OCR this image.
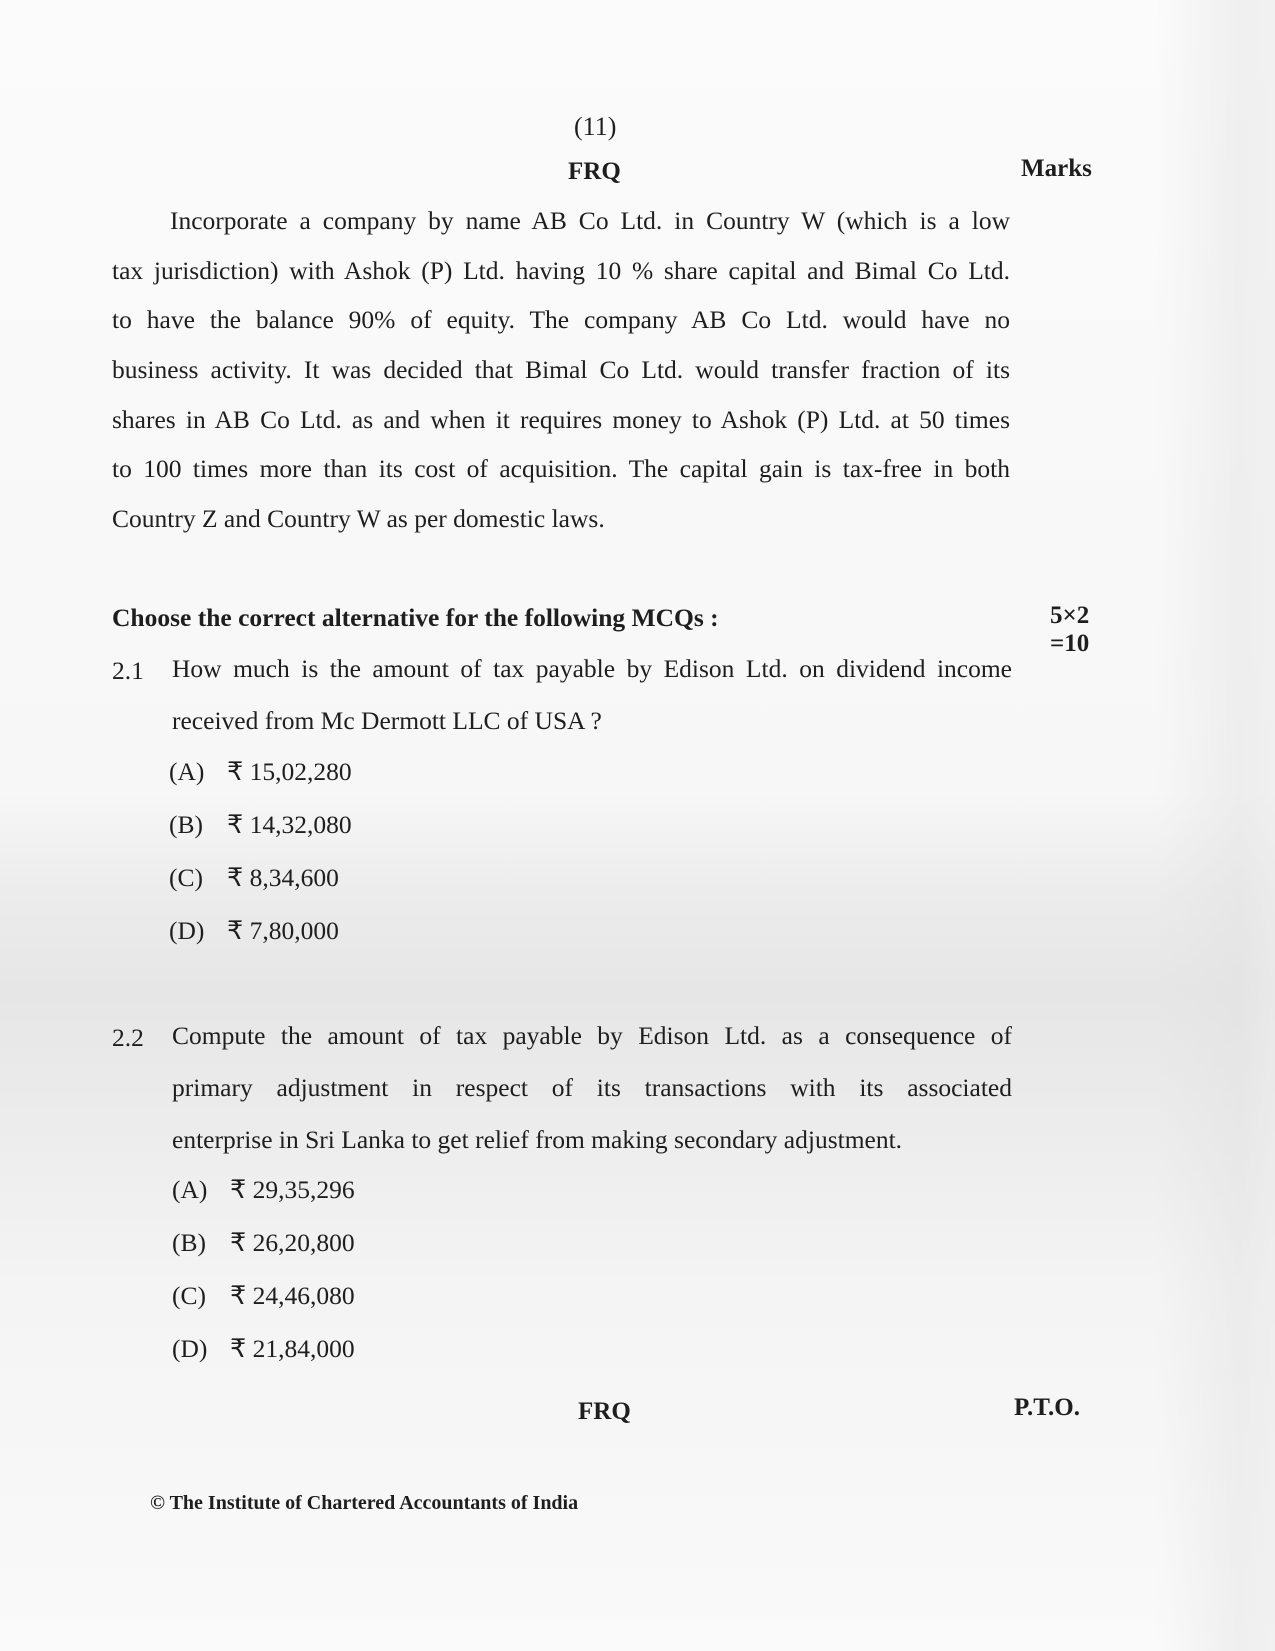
(11)
FRQ	Marks
Incorporate a company by name AB Co Ltd. in Country W (which is a low
tax jurisdiction) with Ashok (P) Ltd. having 10 % share capital and Bimal Co Ltd.
to have the balance 90% of equity. The company AB Co Ltd. would have no
business activity. It was decided that Bimal Co Ltd. would transfer fraction of its
shares in AB Co Ltd. as and when it requires money to Ashok (P) Ltd. at 50 times
to 100 times more than its cost of acquisition. The capital gain is tax-free in both
Country Z and Country W as per domestic laws.
Choose the correct alternative for the following MCQs :	5×2
=10
2.1 How much is the amount of tax payable by Edison Ltd. on dividend income
received from Mc Dermott LLC of USA ?
(A) ₹ 15,02,280
(B) ₹ 14,32,080
(C) ₹ 8,34,600
(D) ₹ 7,80,000
2.2 Compute the amount of tax payable by Edison Ltd. as a consequence of
primary adjustment in respect of its transactions with its associated
enterprise in Sri Lanka to get relief from making secondary adjustment.
(A) ₹ 29,35,296
(B) ₹ 26,20,800
(C) ₹ 24,46,080
(D) ₹ 21,84,000
FRQ	P.T.O.
© The Institute of Chartered Accountants of India
